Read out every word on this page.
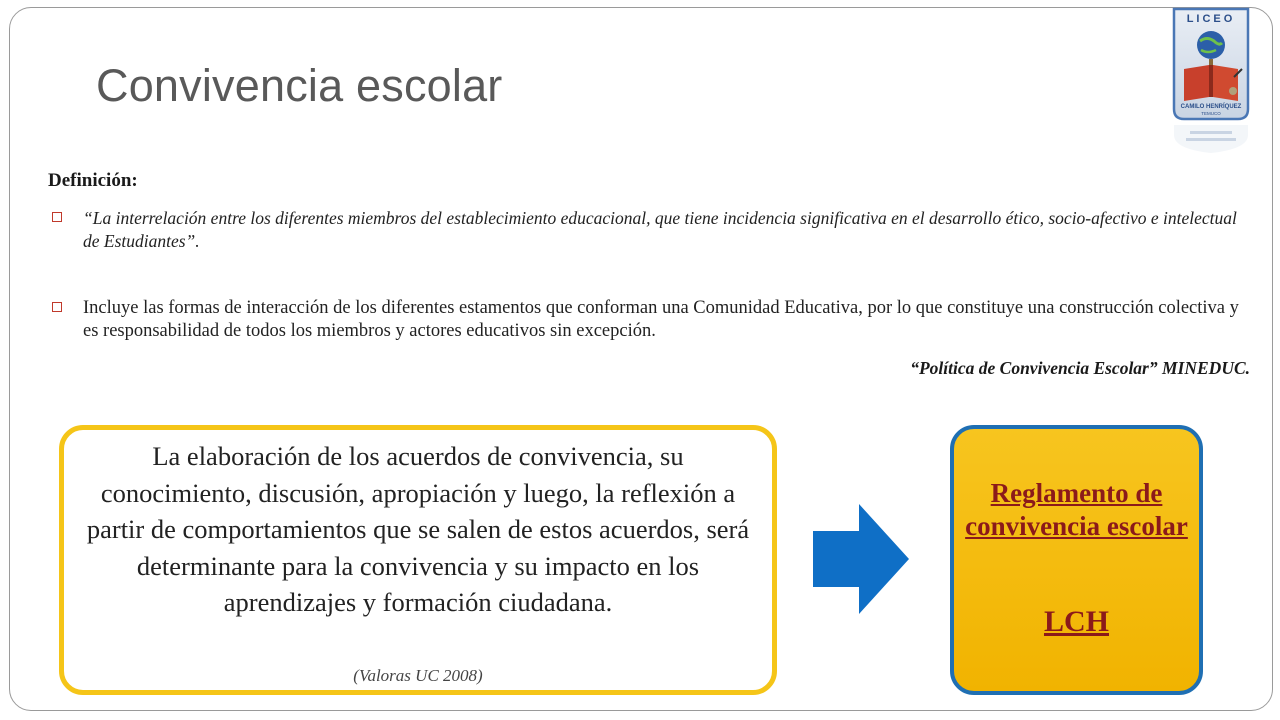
Convivencia escolar
LICEO
CAMILO HENRÍQUEZ
TEMUCO
Definición:
“La interrelación entre los diferentes miembros del establecimiento educacional, que tiene incidencia significativa en el desarrollo ético, socio-afectivo e intelectual de Estudiantes”.
Incluye las formas de interacción de los diferentes estamentos que conforman una Comunidad Educativa, por lo que constituye una construcción colectiva y es responsabilidad de todos los miembros y actores educativos sin excepción.
“Política de Convivencia Escolar” MINEDUC.
La elaboración de los acuerdos de convivencia, su conocimiento, discusión, apropiación y luego, la reflexión a partir de comportamientos que se salen de estos acuerdos, será determinante para la convivencia y su impacto en los aprendizajes y formación ciudadana.
(Valoras UC 2008)
Reglamento de convivencia escolar
LCH
